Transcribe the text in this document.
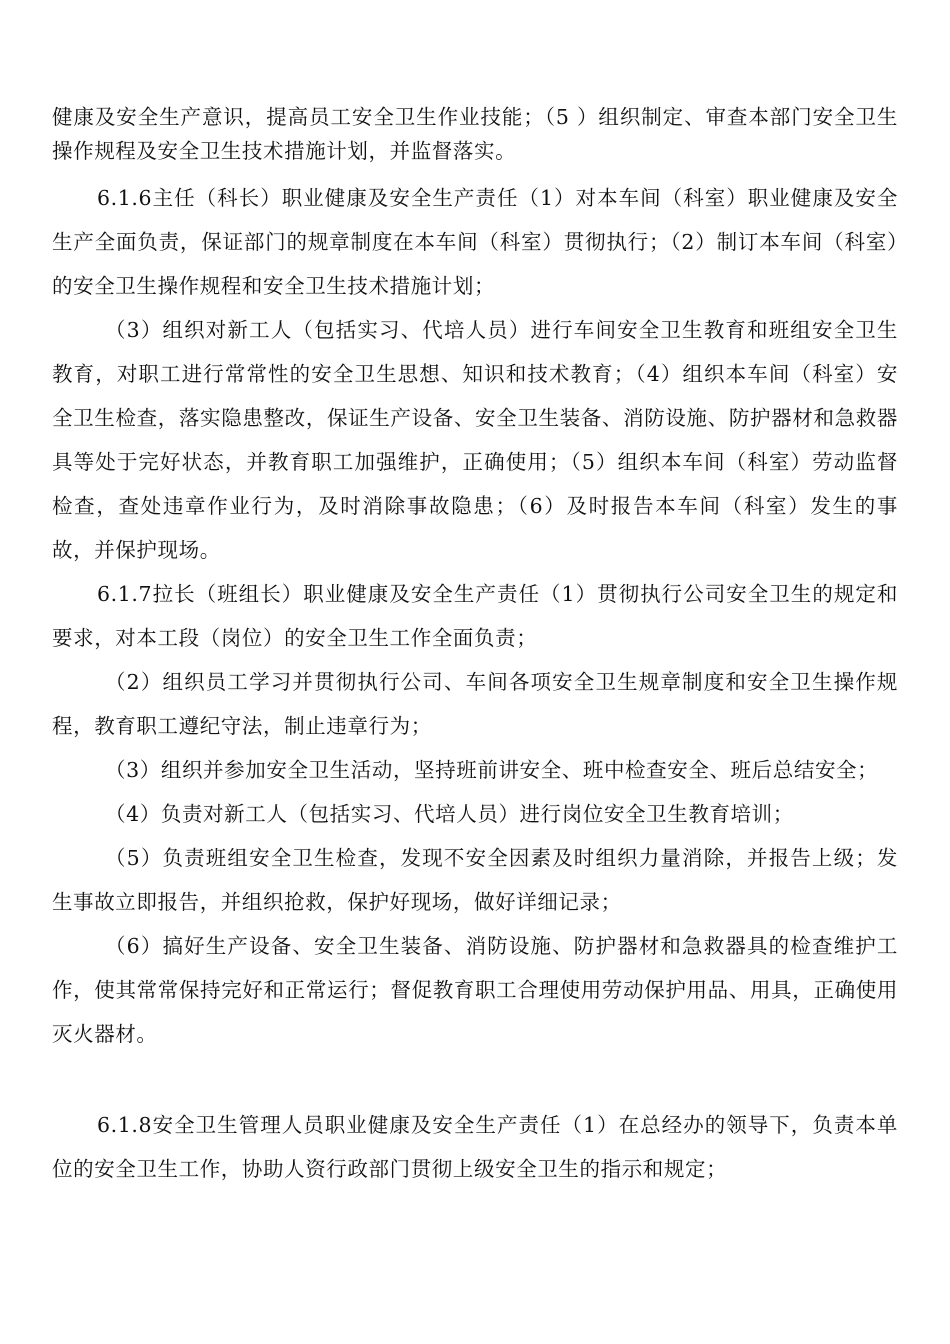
健康及安全生产意识，提高员工安全卫生作业技能；（5 ）组织制定、审查本部门安全卫生操作规程及安全卫生技术措施计划，并监督落实。

6.1.6主任（科长）职业健康及安全生产责任（1）对本车间（科室）职业健康及安全生产全面负责，保证部门的规章制度在本车间（科室）贯彻执行；（2）制订本车间（科室）的安全卫生操作规程和安全卫生技术措施计划；

（3）组织对新工人（包括实习、代培人员）进行车间安全卫生教育和班组安全卫生教育，对职工进行常常性的安全卫生思想、知识和技术教育；（4）组织本车间（科室）安全卫生检查，落实隐患整改，保证生产设备、安全卫生装备、消防设施、防护器材和急救器具等处于完好状态，并教育职工加强维护，正确使用；（5）组织本车间（科室）劳动监督检查，查处违章作业行为，及时消除事故隐患；（6）及时报告本车间（科室）发生的事故，并保护现场。

6.1.7拉长（班组长）职业健康及安全生产责任（1）贯彻执行公司安全卫生的规定和要求，对本工段（岗位）的安全卫生工作全面负责；

（2）组织员工学习并贯彻执行公司、车间各项安全卫生规章制度和安全卫生操作规程，教育职工遵纪守法，制止违章行为；

（3）组织并参加安全卫生活动，坚持班前讲安全、班中检查安全、班后总结安全；

（4）负责对新工人（包括实习、代培人员）进行岗位安全卫生教育培训；

（5）负责班组安全卫生检查，发现不安全因素及时组织力量消除，并报告上级；发生事故立即报告，并组织抢救，保护好现场，做好详细记录；

（6）搞好生产设备、安全卫生装备、消防设施、防护器材和急救器具的检查维护工作，使其常常保持完好和正常运行；督促教育职工合理使用劳动保护用品、用具，正确使用灭火器材。

6.1.8安全卫生管理人员职业健康及安全生产责任（1）在总经办的领导下，负责本单位的安全卫生工作，协助人资行政部门贯彻上级安全卫生的指示和规定；
